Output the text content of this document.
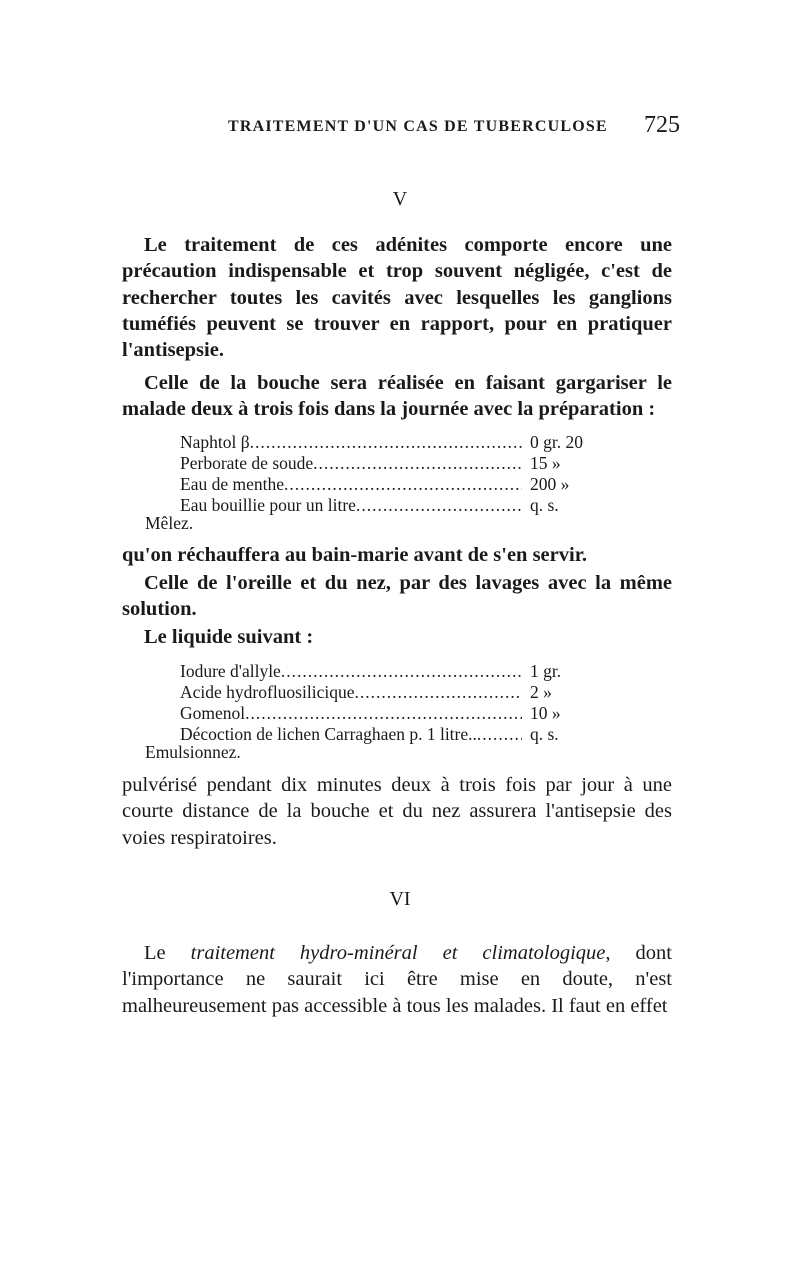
TRAITEMENT D'UN CAS DE TUBERCULOSE 725
V

Le traitement de ces adénites comporte encore une précaution indispensable et trop souvent négligée, c'est de rechercher toutes les cavités avec lesquelles les ganglions tuméfiés peuvent se trouver en rapport, pour en pratiquer l'antisepsie.

Celle de la bouche sera réalisée en faisant gargariser le malade deux à trois fois dans la journée avec la préparation :

Naphtol β .....	0 gr. 20
Perborate de soude .....	15 »
Eau de menthe .....	200 »
Eau bouillie pour un litre .....	q. s.
Mêlez.

qu'on réchauffera au bain-marie avant de s'en servir.

Celle de l'oreille et du nez, par des lavages avec la même solution.

Le liquide suivant :

Iodure d'allyle .....	1 gr.
Acide hydrofluosilicique .....	2 »
Gomenol .....	10 »
Décoction de lichen Carraghaen p. 1 litre.. .....	q. s.
Emulsionnez.

pulvérisé pendant dix minutes deux à trois fois par jour à une courte distance de la bouche et du nez assurera l'antisepsie des voies respiratoires.

VI

Le traitement hydro-minéral et climatologique, dont l'importance ne saurait ici être mise en doute, n'est malheureusement pas accessible à tous les malades. Il faut en effet
